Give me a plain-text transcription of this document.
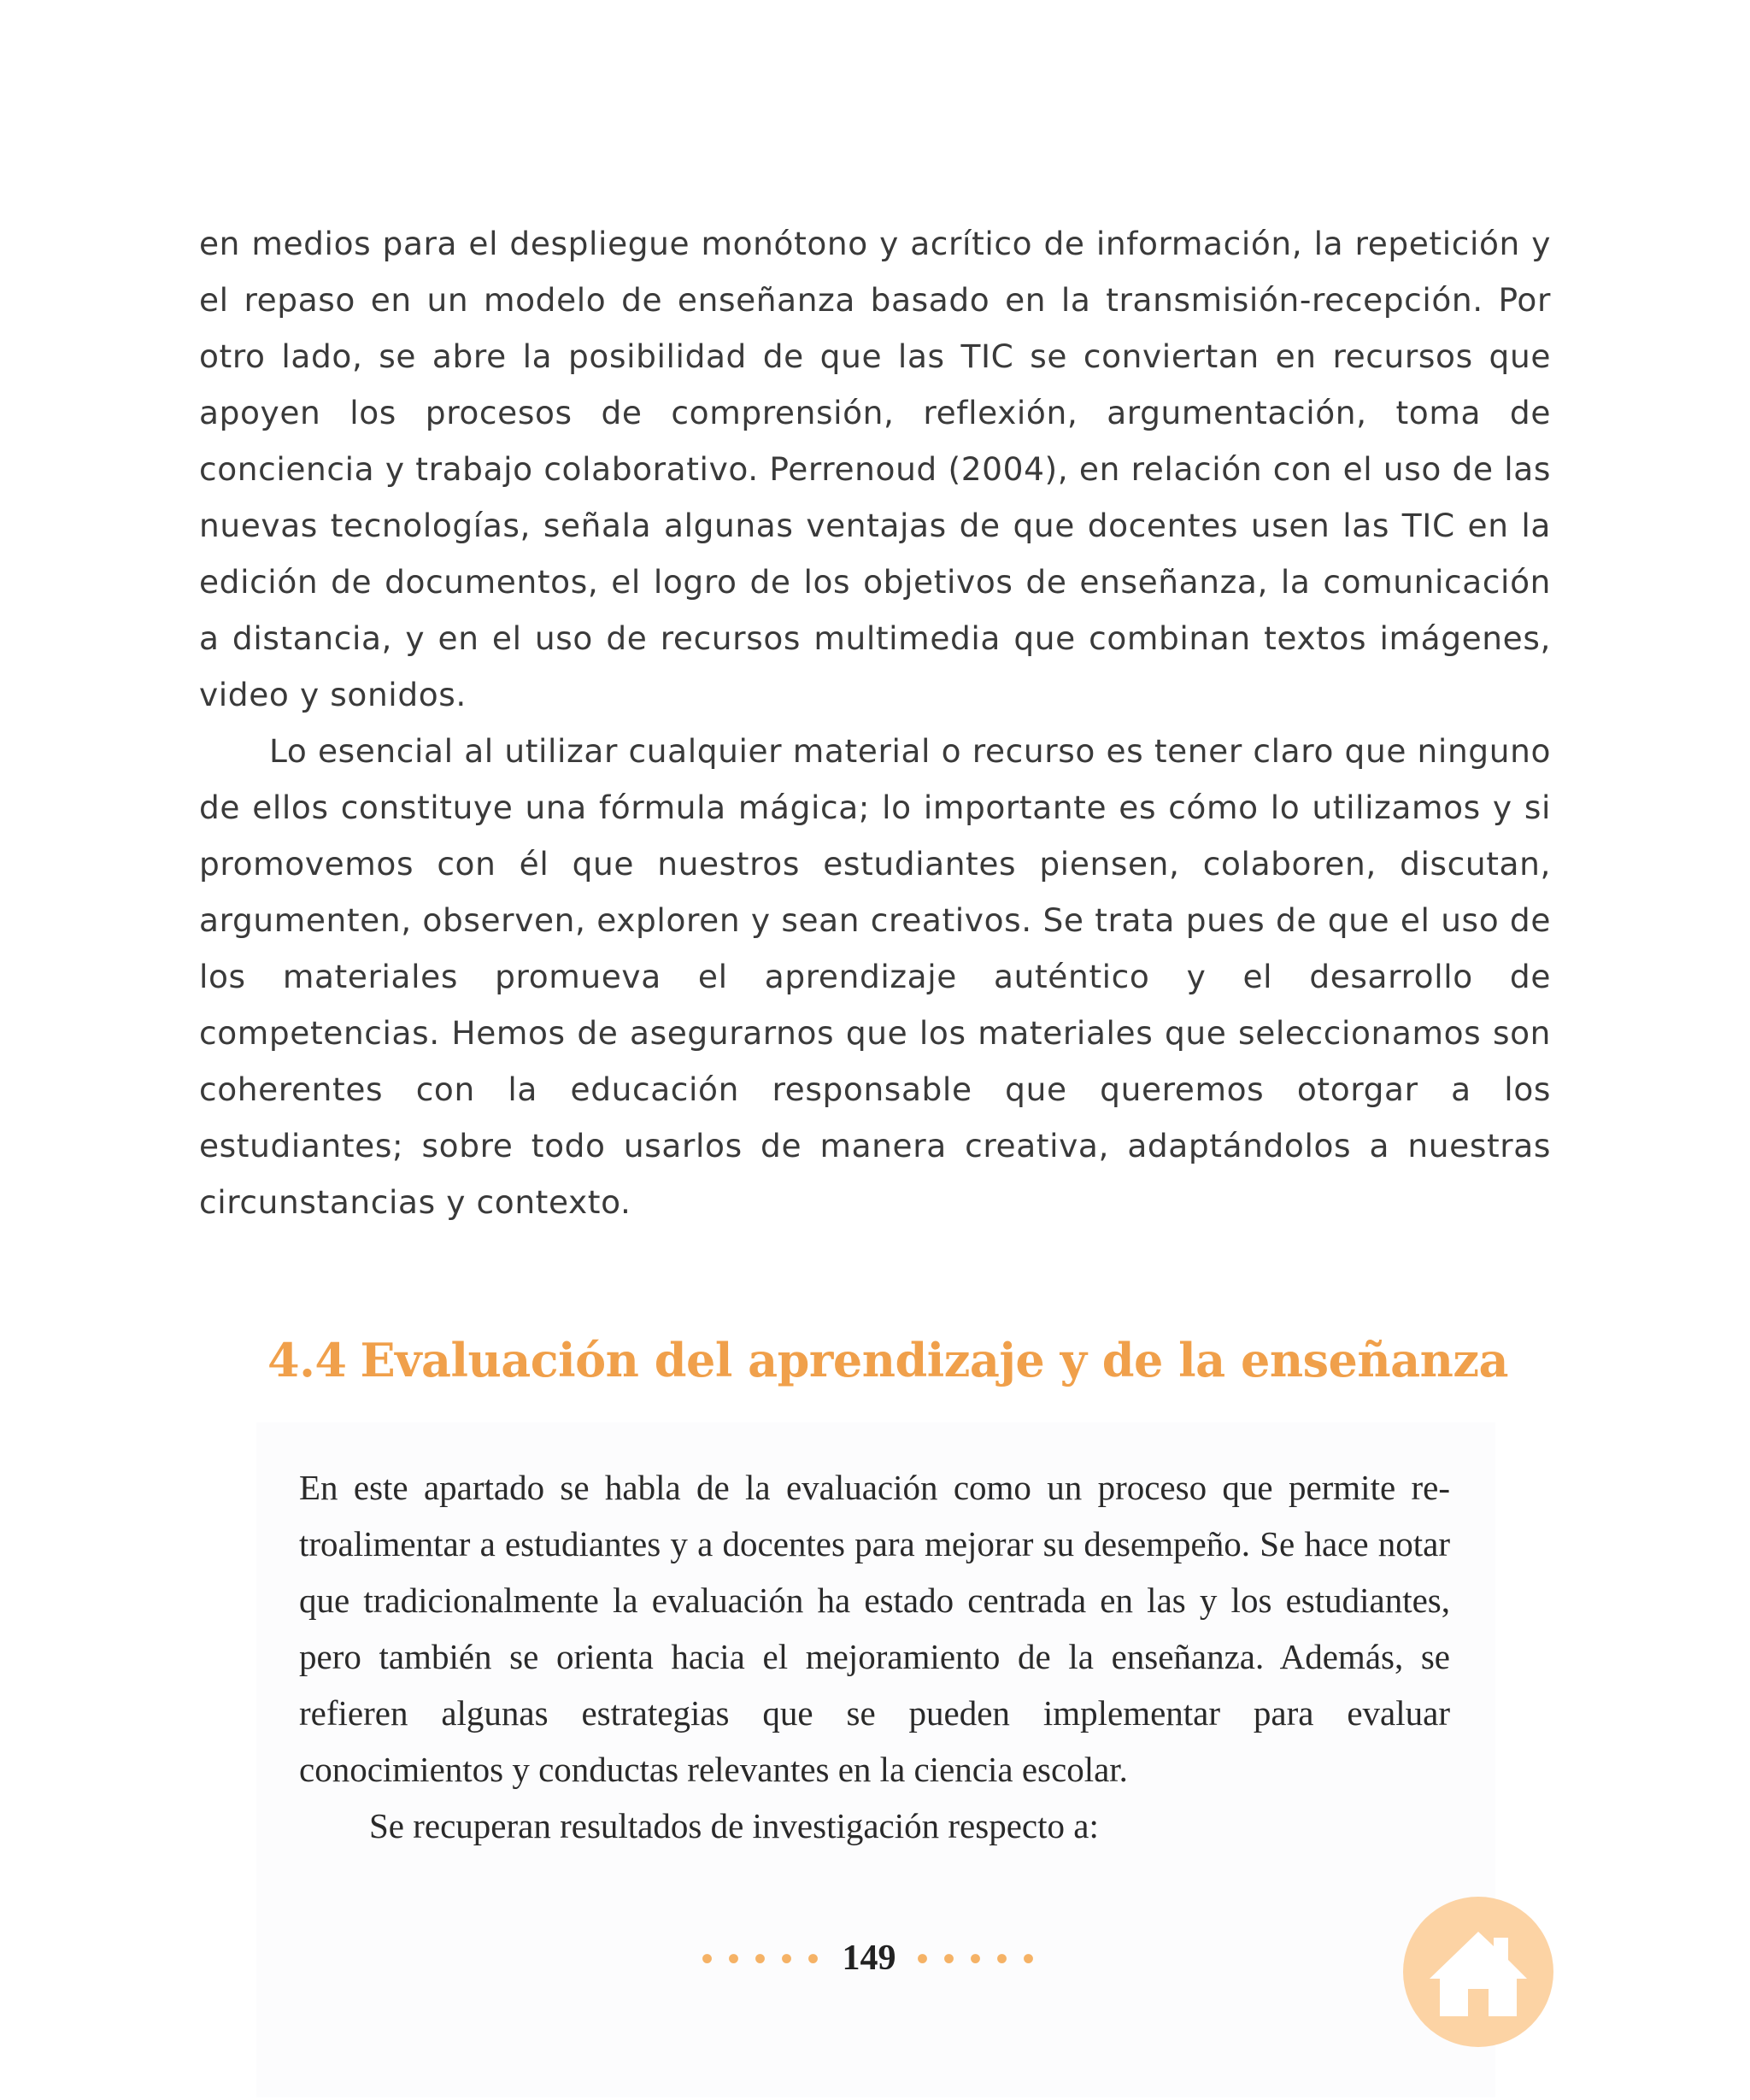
en medios para el despliegue monótono y acrítico de información, la repetición y el repaso en un modelo de enseñanza basado en la transmisión-recepción. Por otro lado, se abre la posibilidad de que las TIC se conviertan en recursos que apoyen los procesos de comprensión, reflexión, argumentación, toma de conciencia y trabajo colaborativo. Perrenoud (2004), en relación con el uso de las nuevas tecnologías, señala algunas ventajas de que docentes usen las TIC en la edición de documentos, el logro de los objetivos de enseñanza, la comunicación a distancia, y en el uso de recursos multimedia que combinan textos imágenes, video y sonidos.

Lo esencial al utilizar cualquier material o recurso es tener claro que ninguno de ellos constituye una fórmula mágica; lo importante es cómo lo utilizamos y si promovemos con él que nuestros estudiantes piensen, colaboren, discutan, argumenten, observen, exploren y sean creativos. Se trata pues de que el uso de los materiales promueva el aprendizaje auténtico y el desarrollo de competencias. Hemos de asegurarnos que los materiales que seleccionamos son coherentes con la educación responsable que queremos otorgar a los estudiantes; sobre todo usarlos de manera creativa, adaptándolos a nuestras circunstancias y contexto.

4.4 Evaluación del aprendizaje y de la enseñanza

En este apartado se habla de la evaluación como un proceso que permite retroalimentar a estudiantes y a docentes para mejorar su desempeño. Se hace notar que tradicionalmente la evaluación ha estado centrada en las y los estudiantes, pero también se orienta hacia el mejoramiento de la enseñanza. Además, se refieren algunas estrategias que se pueden implementar para evaluar conocimientos y conductas relevantes en la ciencia escolar.

Se recuperan resultados de investigación respecto a:

••••• 149 •••••
